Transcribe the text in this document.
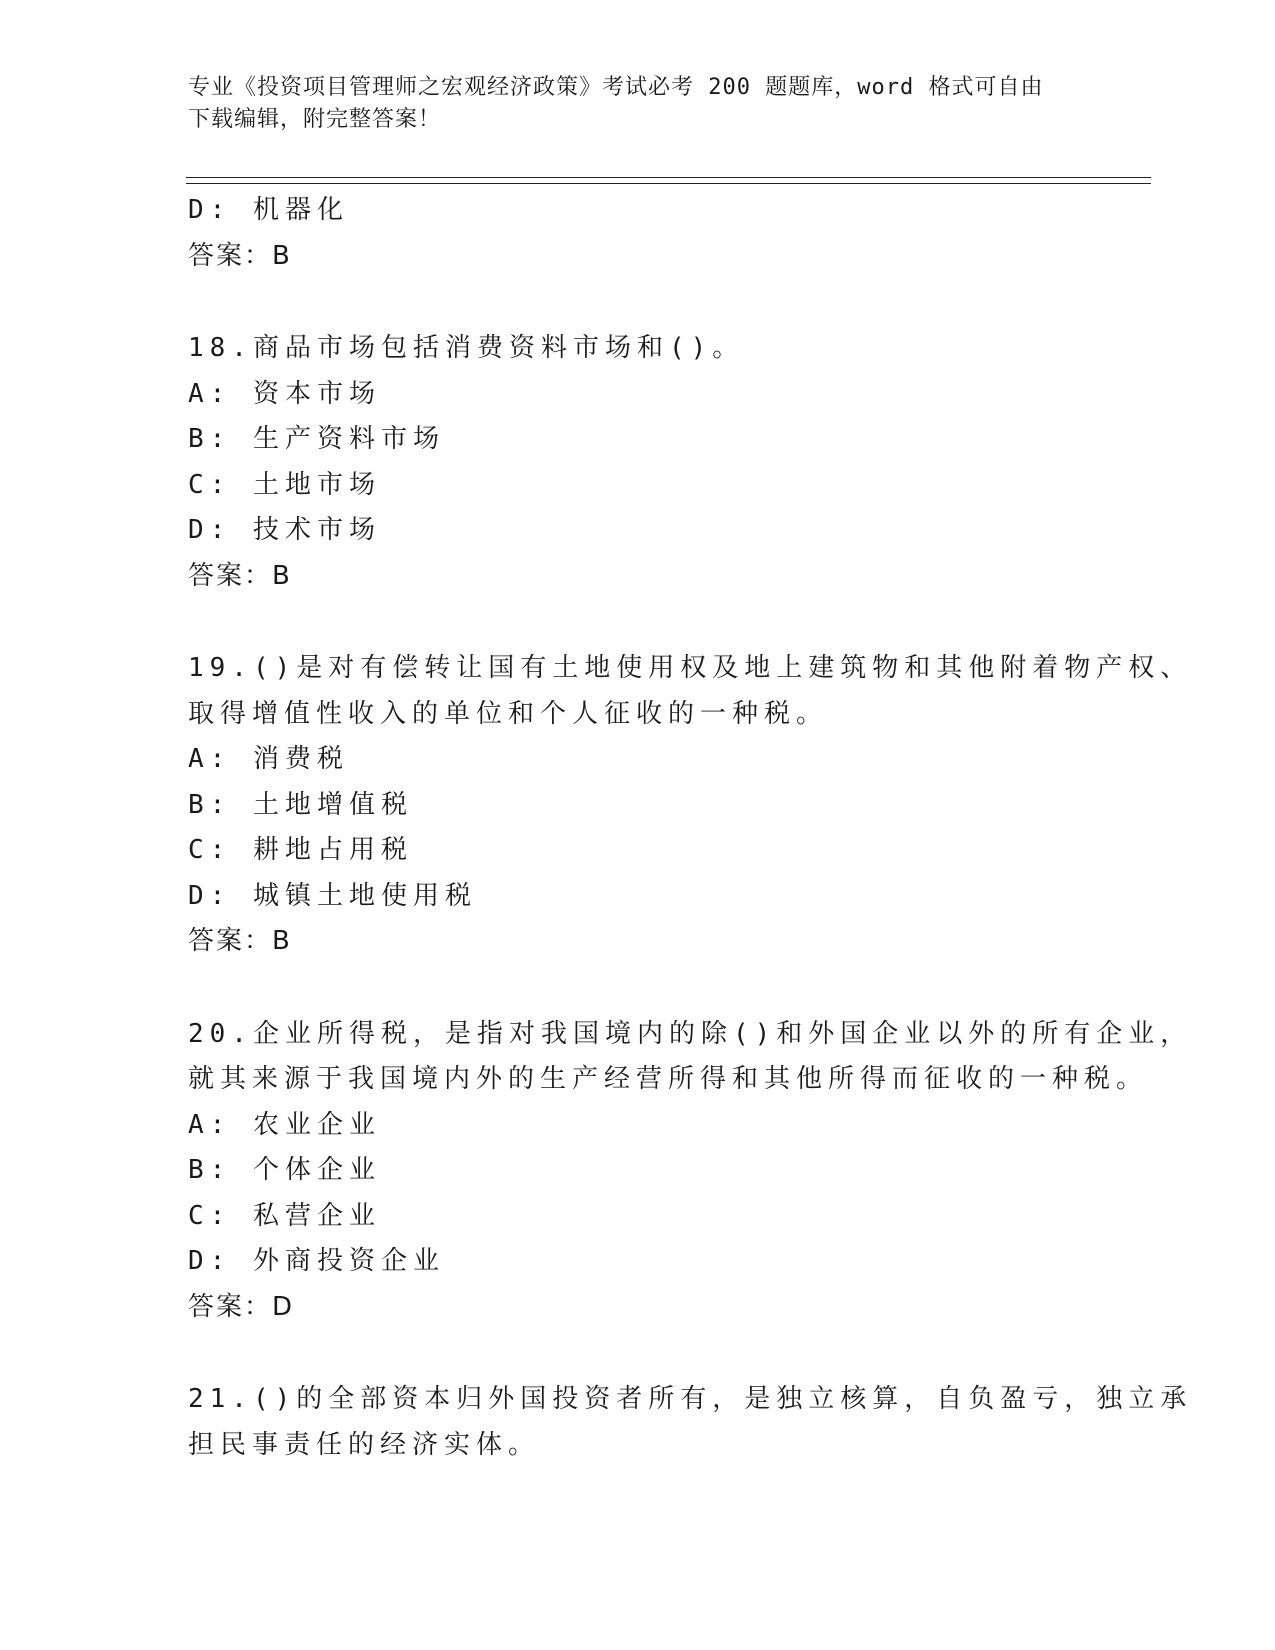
专业《投资项目管理师之宏观经济政策》考试必考 200 题题库，word 格式可自由
下载编辑，附完整答案！
D: 机器化
答案：B
18.商品市场包括消费资料市场和()。
A: 资本市场
B: 生产资料市场
C: 土地市场
D: 技术市场
答案：B
19.()是对有偿转让国有土地使用权及地上建筑物和其他附着物产权、
取得增值性收入的单位和个人征收的一种税。
A: 消费税
B: 土地增值税
C: 耕地占用税
D: 城镇土地使用税
答案：B
20.企业所得税，是指对我国境内的除()和外国企业以外的所有企业，
就其来源于我国境内外的生产经营所得和其他所得而征收的一种税。
A: 农业企业
B: 个体企业
C: 私营企业
D: 外商投资企业
答案：D
21.()的全部资本归外国投资者所有，是独立核算，自负盈亏，独立承
担民事责任的经济实体。
